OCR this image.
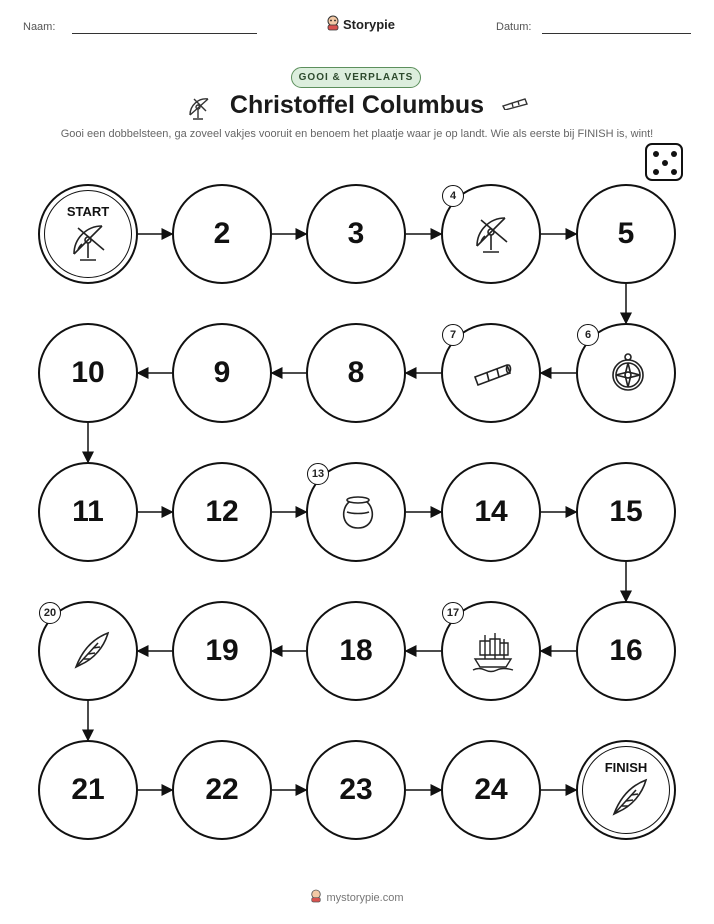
Naam:	Storypie	Datum:
GOOI & VERPLAATS
Christoffel Columbus
Gooi een dobbelsteen, ga zoveel vakjes vooruit en benoem het plaatje waar je op landt. Wie als eerste bij FINISH is, wint!
START
2	3
4
5
6
7
8
9
10
11	12
13
14	15
16
17
18
19
20
21	22	23	24
FINISH
mystorypie.com
